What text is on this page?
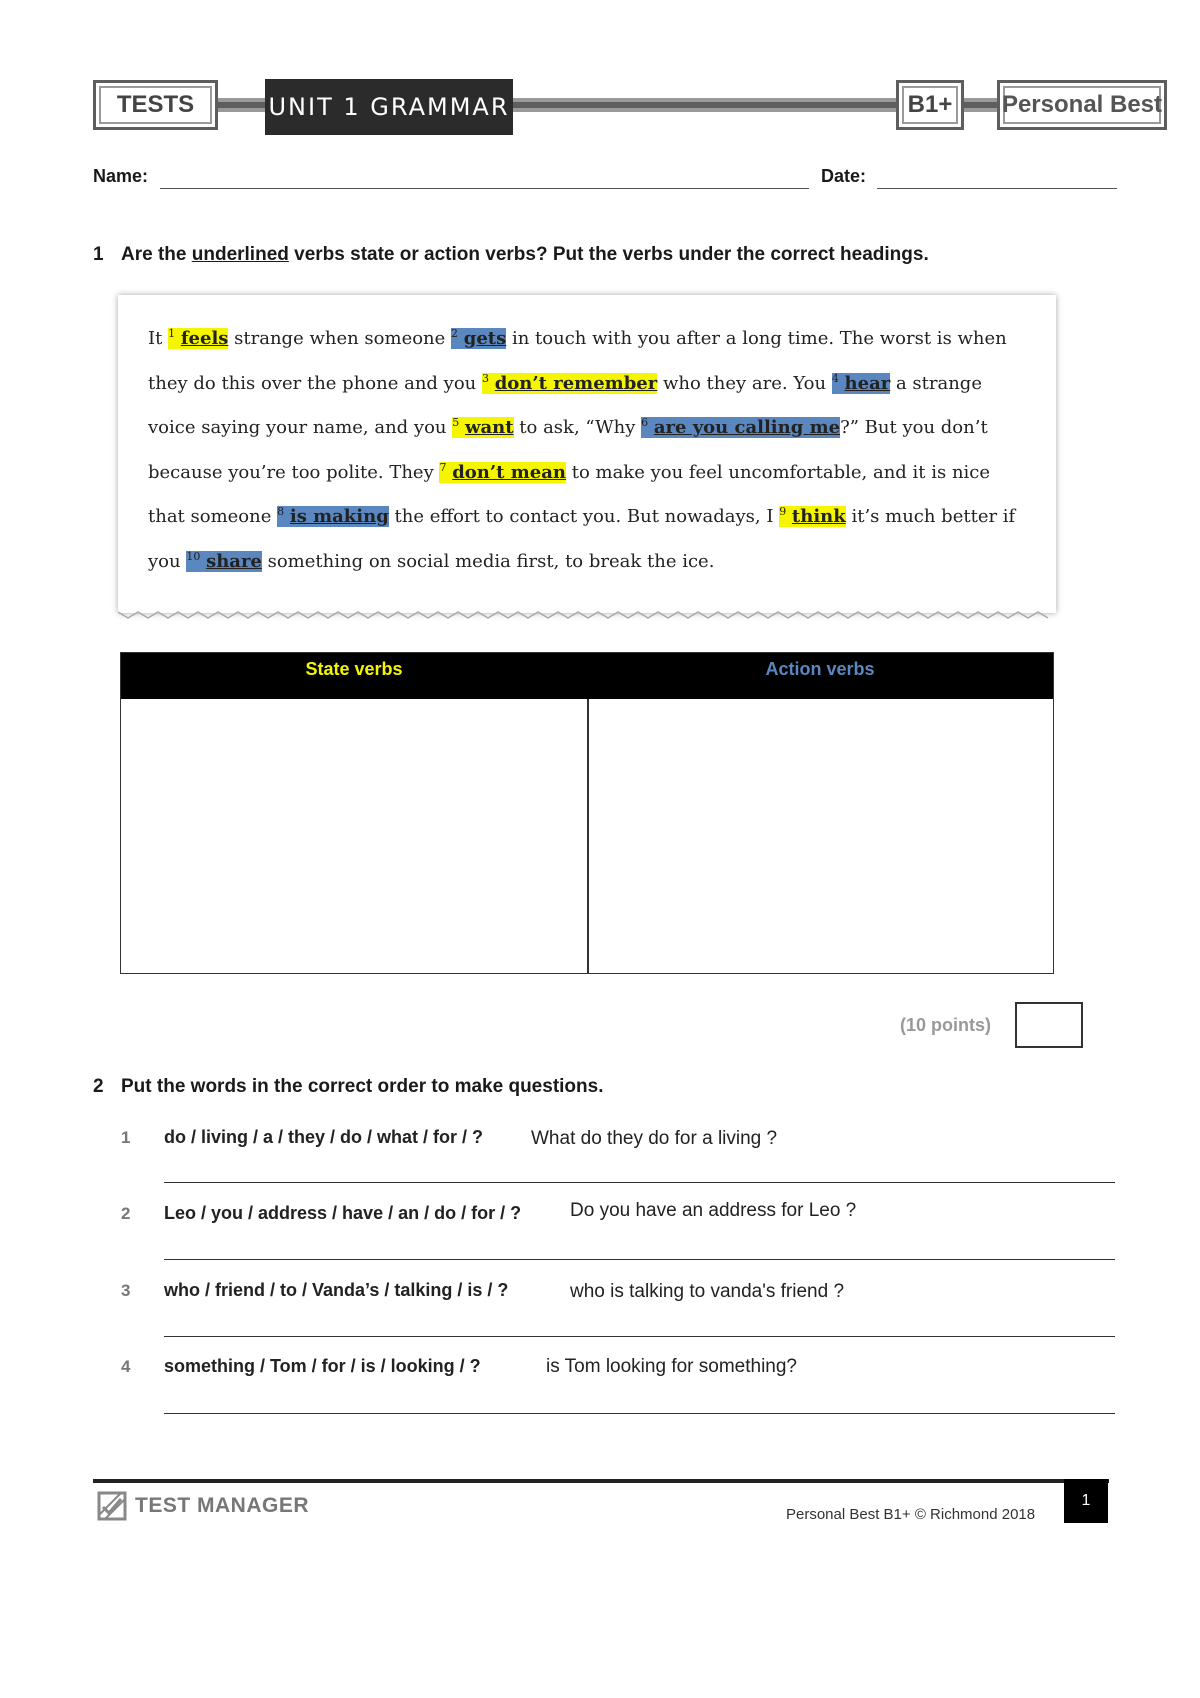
TESTS	UNIT 1 GRAMMAR	B1+ Personal Best
Name:	Date:
1 Are the underlined verbs state or action verbs? Put the verbs under the correct headings.
It $^1$ feels strange when someone $^2$ gets in touch with you after a long time. The worst is when they do this over the phone and you $^3$ don’t remember who they are. You $^4$ hear a strange voice saying your name, and you $^5$ want to ask, “Why $^6$ are you calling me?” But you don’t because you’re too polite. They $^7$ don’t mean to make you feel uncomfortable, and it is nice that someone $^8$ is making the effort to contact you. But nowadays, I $^9$ think it’s much better if you $^{10}$ share something on social media first, to break the ice.
State verbs	Action verbs
(10 points)
2 Put the words in the correct order to make questions.
1 do / living / a / they / do / what / for / ?	What do they do for a living ?
2 Leo / you / address / have / an / do / for / ?	Do you have an address for Leo ?
3 who / friend / to / Vanda’s / talking / is / ?	who is talking to vanda's friend ?
4 something / Tom / for / is / looking / ?	is Tom looking for something?
TEST MANAGER	Personal Best B1+ © Richmond 2018
1
